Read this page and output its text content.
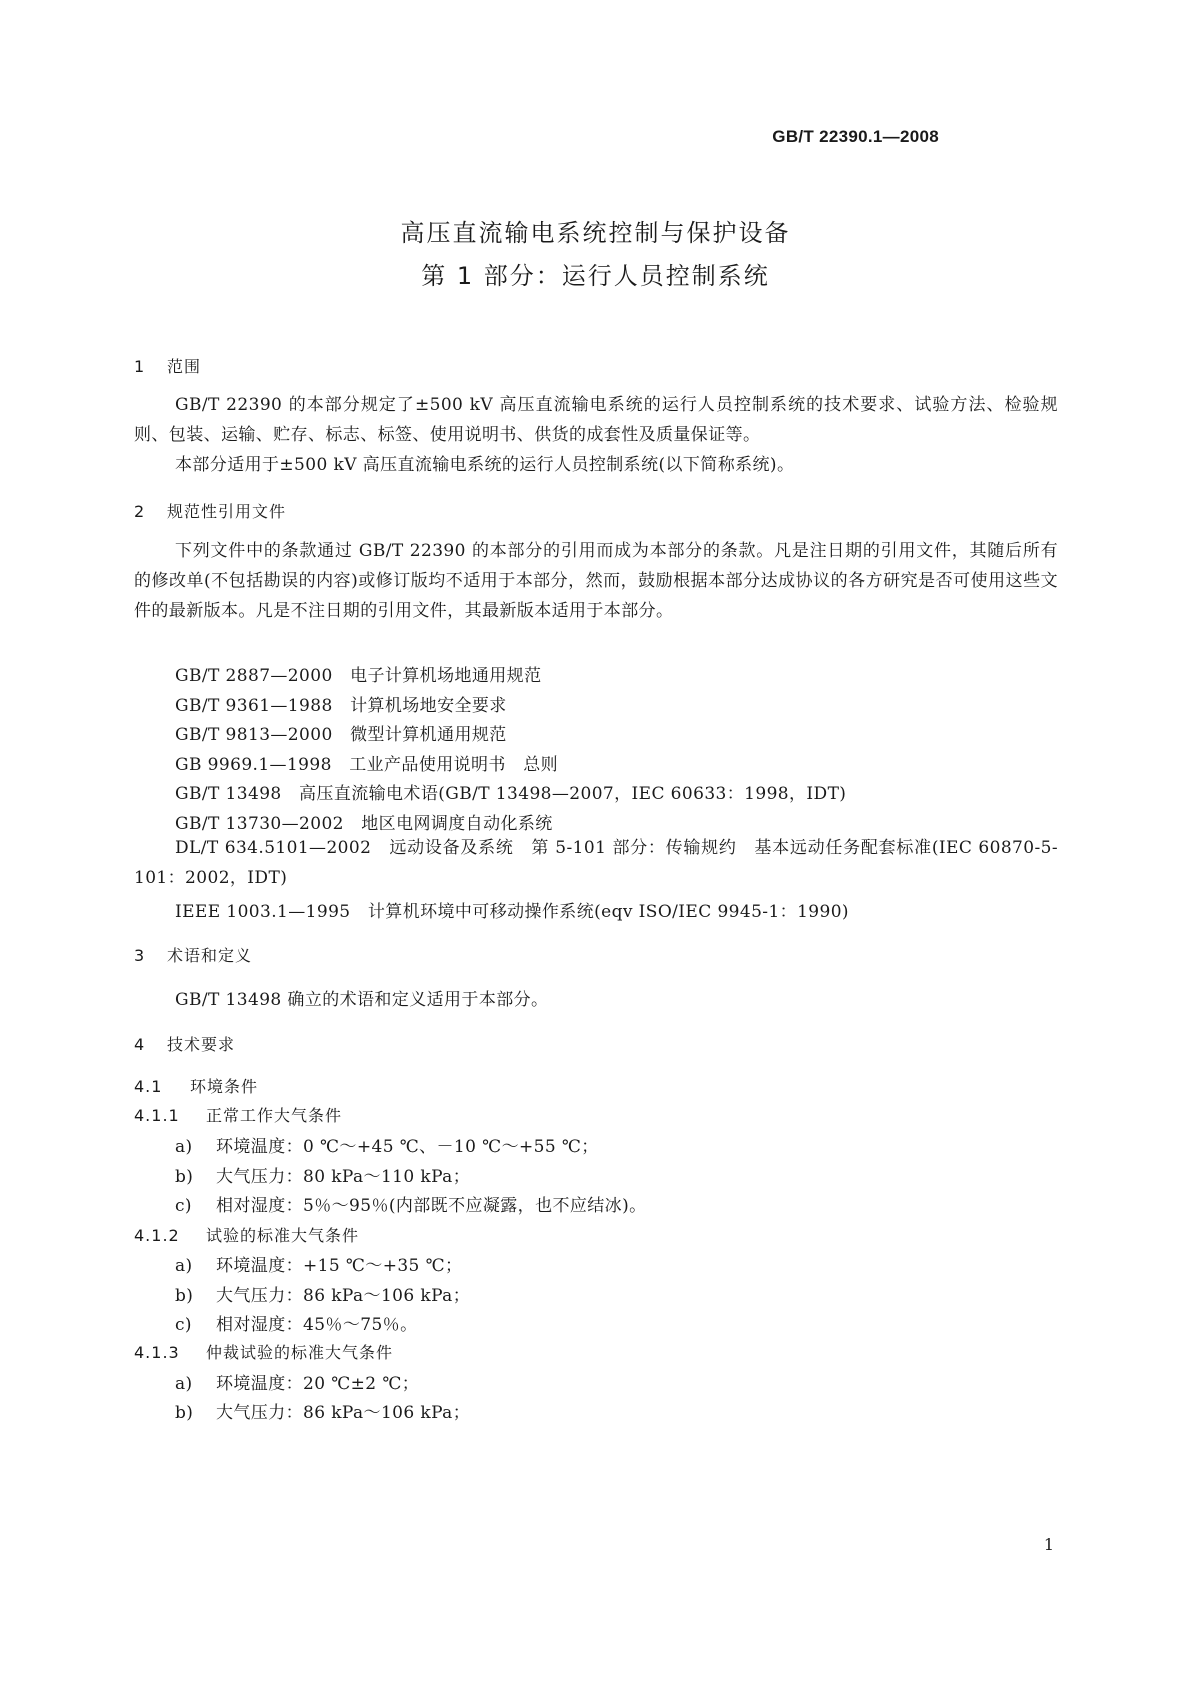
GB/T 22390.1—2008
高压直流输电系统控制与保护设备
第 1 部分：运行人员控制系统
1 范围
GB/T 22390 的本部分规定了±500 kV 高压直流输电系统的运行人员控制系统的技术要求、试验方法、检验规则、包装、运输、贮存、标志、标签、使用说明书、供货的成套性及质量保证等。
本部分适用于±500 kV 高压直流输电系统的运行人员控制系统(以下简称系统)。
2 规范性引用文件
下列文件中的条款通过 GB/T 22390 的本部分的引用而成为本部分的条款。凡是注日期的引用文件，其随后所有的修改单(不包括勘误的内容)或修订版均不适用于本部分，然而，鼓励根据本部分达成协议的各方研究是否可使用这些文件的最新版本。凡是不注日期的引用文件，其最新版本适用于本部分。
GB/T 2887—2000　电子计算机场地通用规范
GB/T 9361—1988　计算机场地安全要求
GB/T 9813—2000　微型计算机通用规范
GB 9969.1—1998　工业产品使用说明书　总则
GB/T 13498　高压直流输电术语(GB/T 13498—2007，IEC 60633：1998，IDT)
GB/T 13730—2002　地区电网调度自动化系统
DL/T 634.5101—2002　远动设备及系统　第 5-101 部分：传输规约　基本远动任务配套标准(IEC 60870-5-101：2002，IDT)
IEEE 1003.1—1995　计算机环境中可移动操作系统(eqv ISO/IEC 9945-1：1990)
3 术语和定义
GB/T 13498 确立的术语和定义适用于本部分。
4 技术要求
4.1 环境条件
4.1.1 正常工作大气条件
a) 环境温度：0 ℃～+45 ℃、－10 ℃～+55 ℃；
b) 大气压力：80 kPa～110 kPa；
c) 相对湿度：5％～95％(内部既不应凝露，也不应结冰)。
4.1.2 试验的标准大气条件
a) 环境温度：+15 ℃～+35 ℃；
b) 大气压力：86 kPa～106 kPa；
c) 相对湿度：45％～75％。
4.1.3 仲裁试验的标准大气条件
a) 环境温度：20 ℃±2 ℃；
b) 大气压力：86 kPa～106 kPa；
1
